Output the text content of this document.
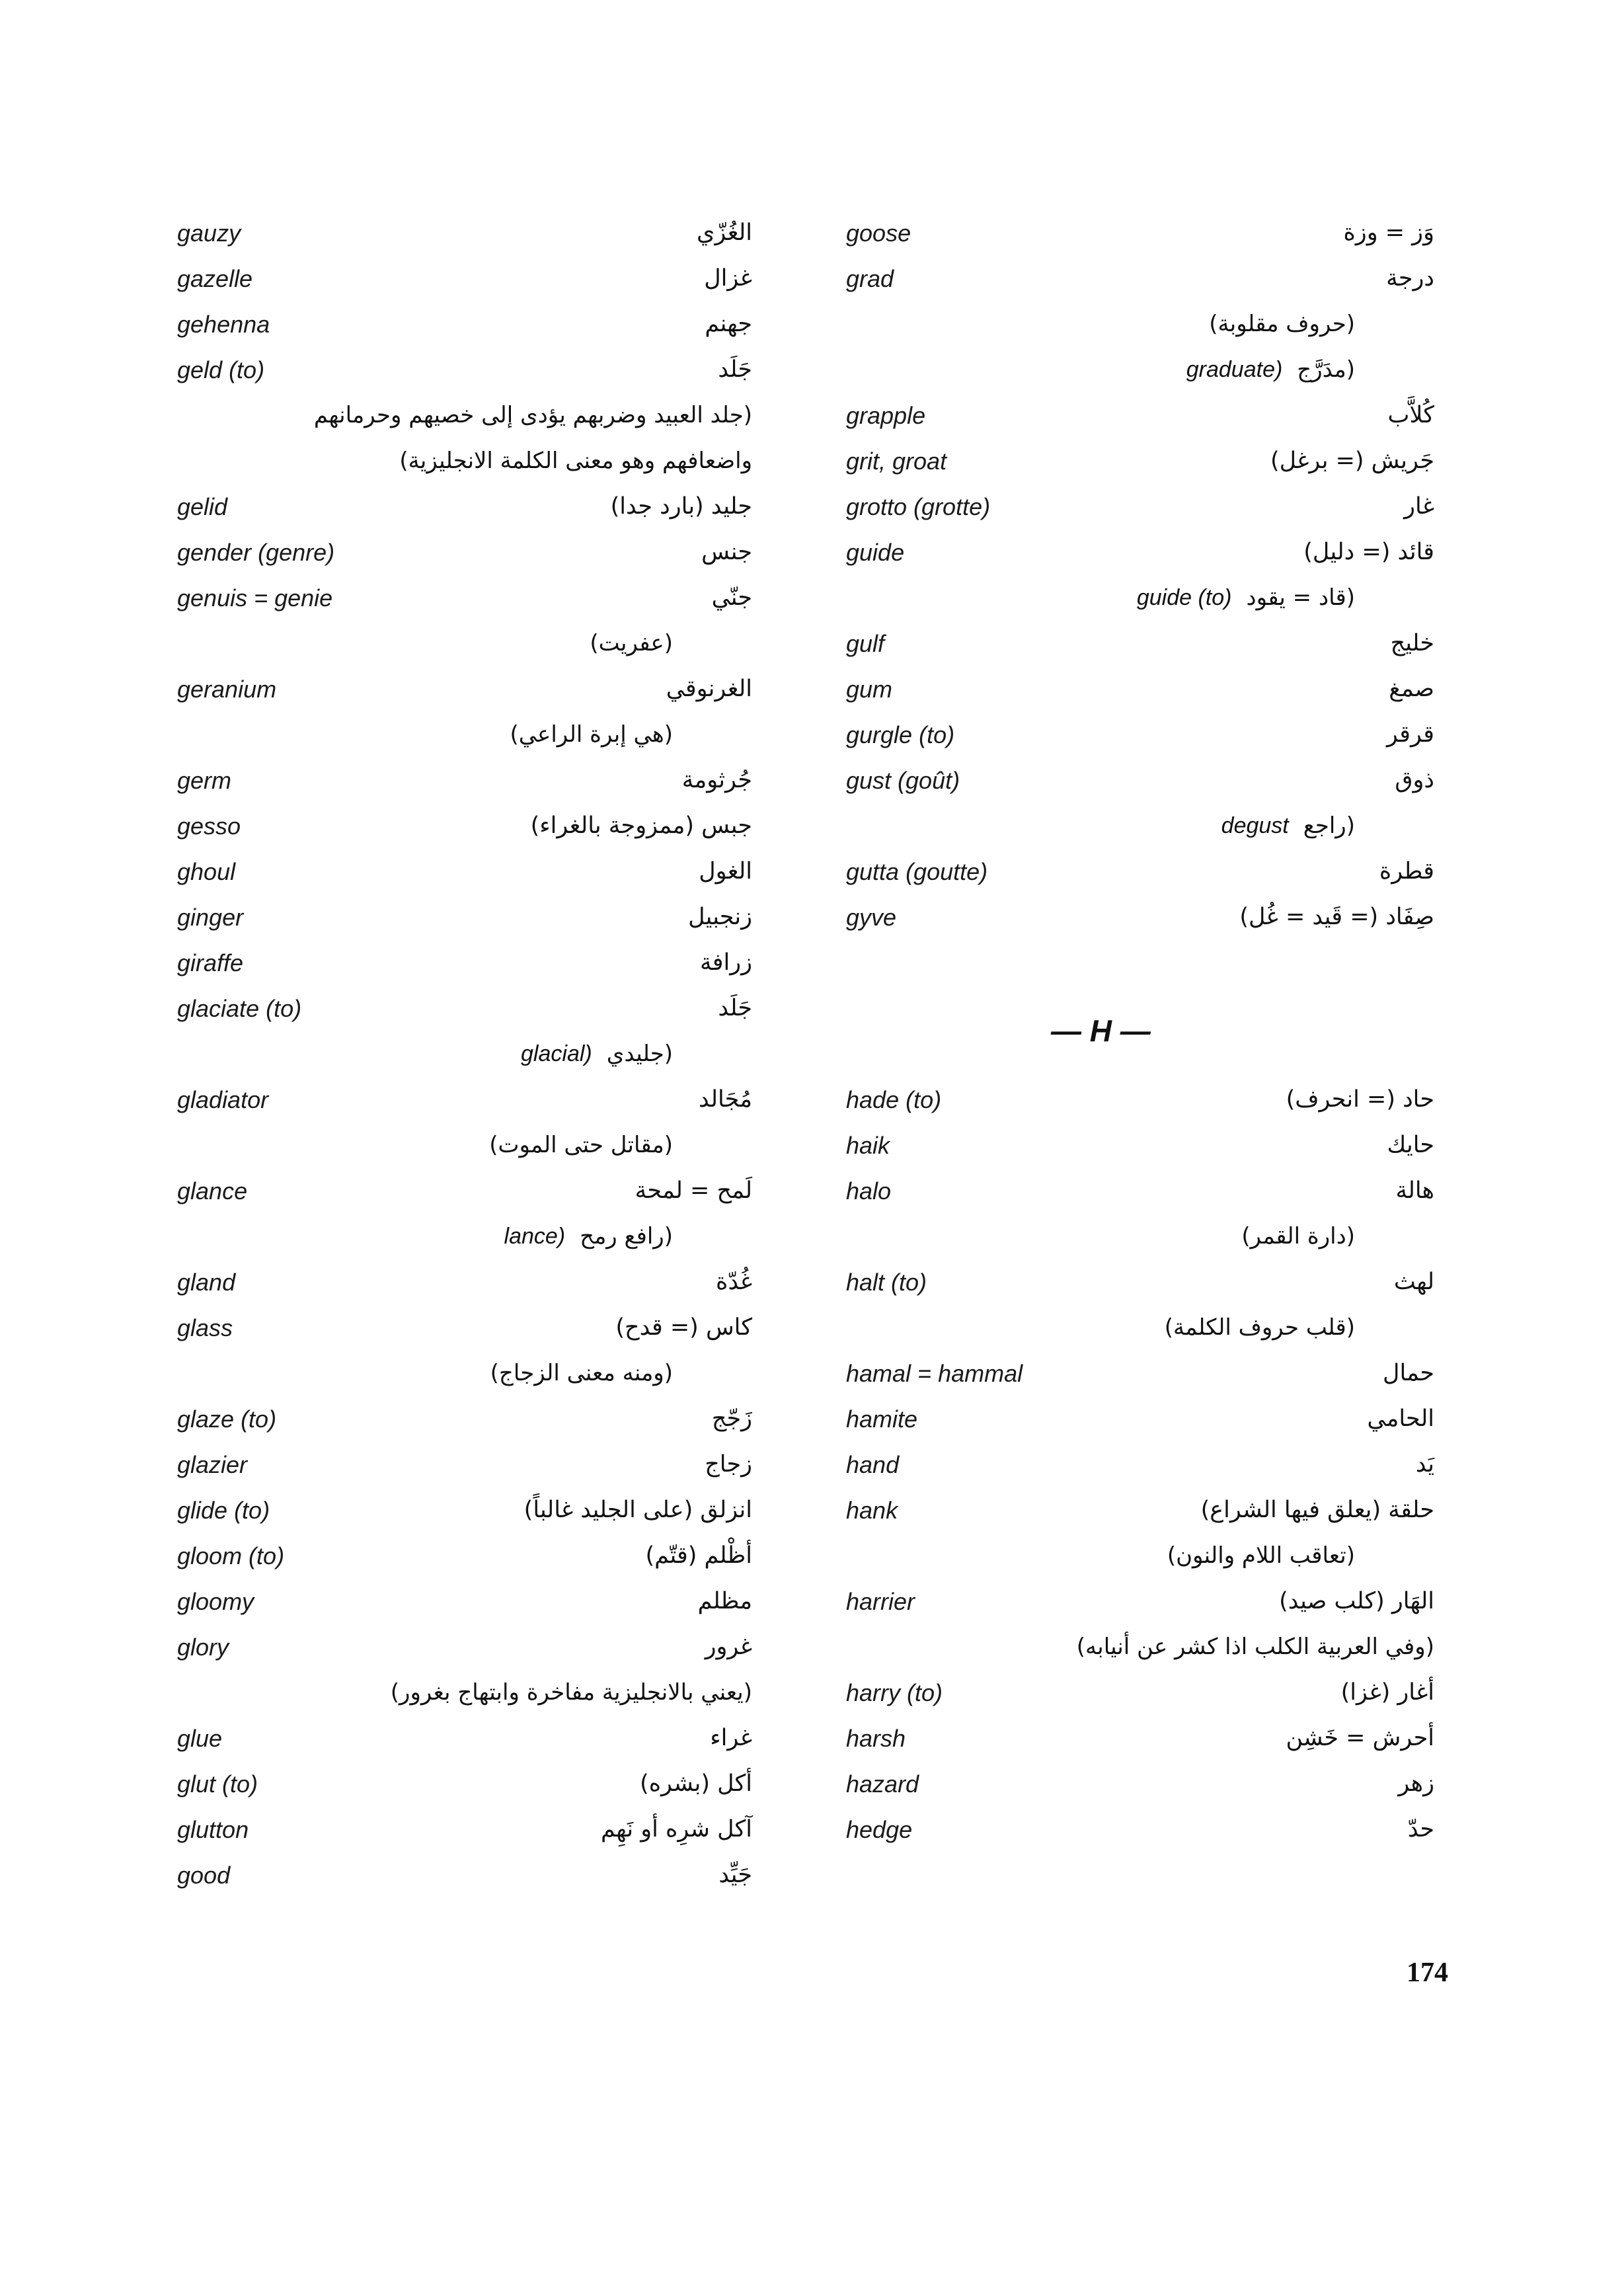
gauzy	الغُزّي
gazelle	غزال
gehenna	جهنم
geld (to)	جَلَد
(جلد العبيد وضربهم يؤدى إلى خصيهم وحرمانهم
واضعافهم وهو معنى الكلمة الانجليزية)
gelid	جليد (بارد جدا)
gender (genre)	جنس
genuis = genie	جنّي
(عفريت)
geranium	الغرنوقي
(هي إبرة الراعي)
germ	جُرثومة
gesso	جبس (ممزوجة بالغراء)
ghoul	الغول
ginger	زنجبيل
giraffe	زرافة
glaciate (to)	جَلَد
(جليديglacial)
gladiator	مُجَالد
(مقاتل حتى الموت)
glance	لَمح = لمحة
(رافع رمحlance)
gland	غُدّة
glass	كاس (= قدح)
(ومنه معنى الزجاج)
glaze (to)	زَجّج
glazier	زجاج
glide (to)	انزلق (على الجليد غالباً)
gloom (to)	أظْلم (قتّم)
gloomy	مظلم
glory	غرور
(يعني بالانجليزية مفاخرة وابتهاج بغرور)
glue	غراء
glut (to)	أكل (بشره)
glutton	آكل شرِه أو نَهِم
good	جَيِّد
goose	وَز = وزة
grad	درجة
(حروف مقلوبة)
(مدَرَّجgraduate)
grapple	كُلاَّب
grit, groat	جَريش (= برغل)
grotto (grotte)	غار
guide	قائد (= دليل)
(قاد = يقودguide (to)
gulf	خليج
gum	صمغ
gurgle (to)	قرقر
gust (goût)	ذوق
(راجعdegust
gutta (goutte)	قطرة
gyve	صِفَاد (= قَيد = غُل)
— H —
hade (to)	حاد (= انحرف)
haik	حايك
halo	هالة
(دارة القمر)
halt (to)	لهث
(قلب حروف الكلمة)
hamal = hammal	حمال
hamite	الحامي
hand	يَد
hank	حلقة (يعلق فيها الشراع)
(تعاقب اللام والنون)
harrier	الهَار (كلب صيد)
(وفي العربية الكلب اذا كشر عن أنيابه)
harry (to)	أغار (غزا)
harsh	أحرش = خَشِن
hazard	زهر
hedge	حدّ
174
